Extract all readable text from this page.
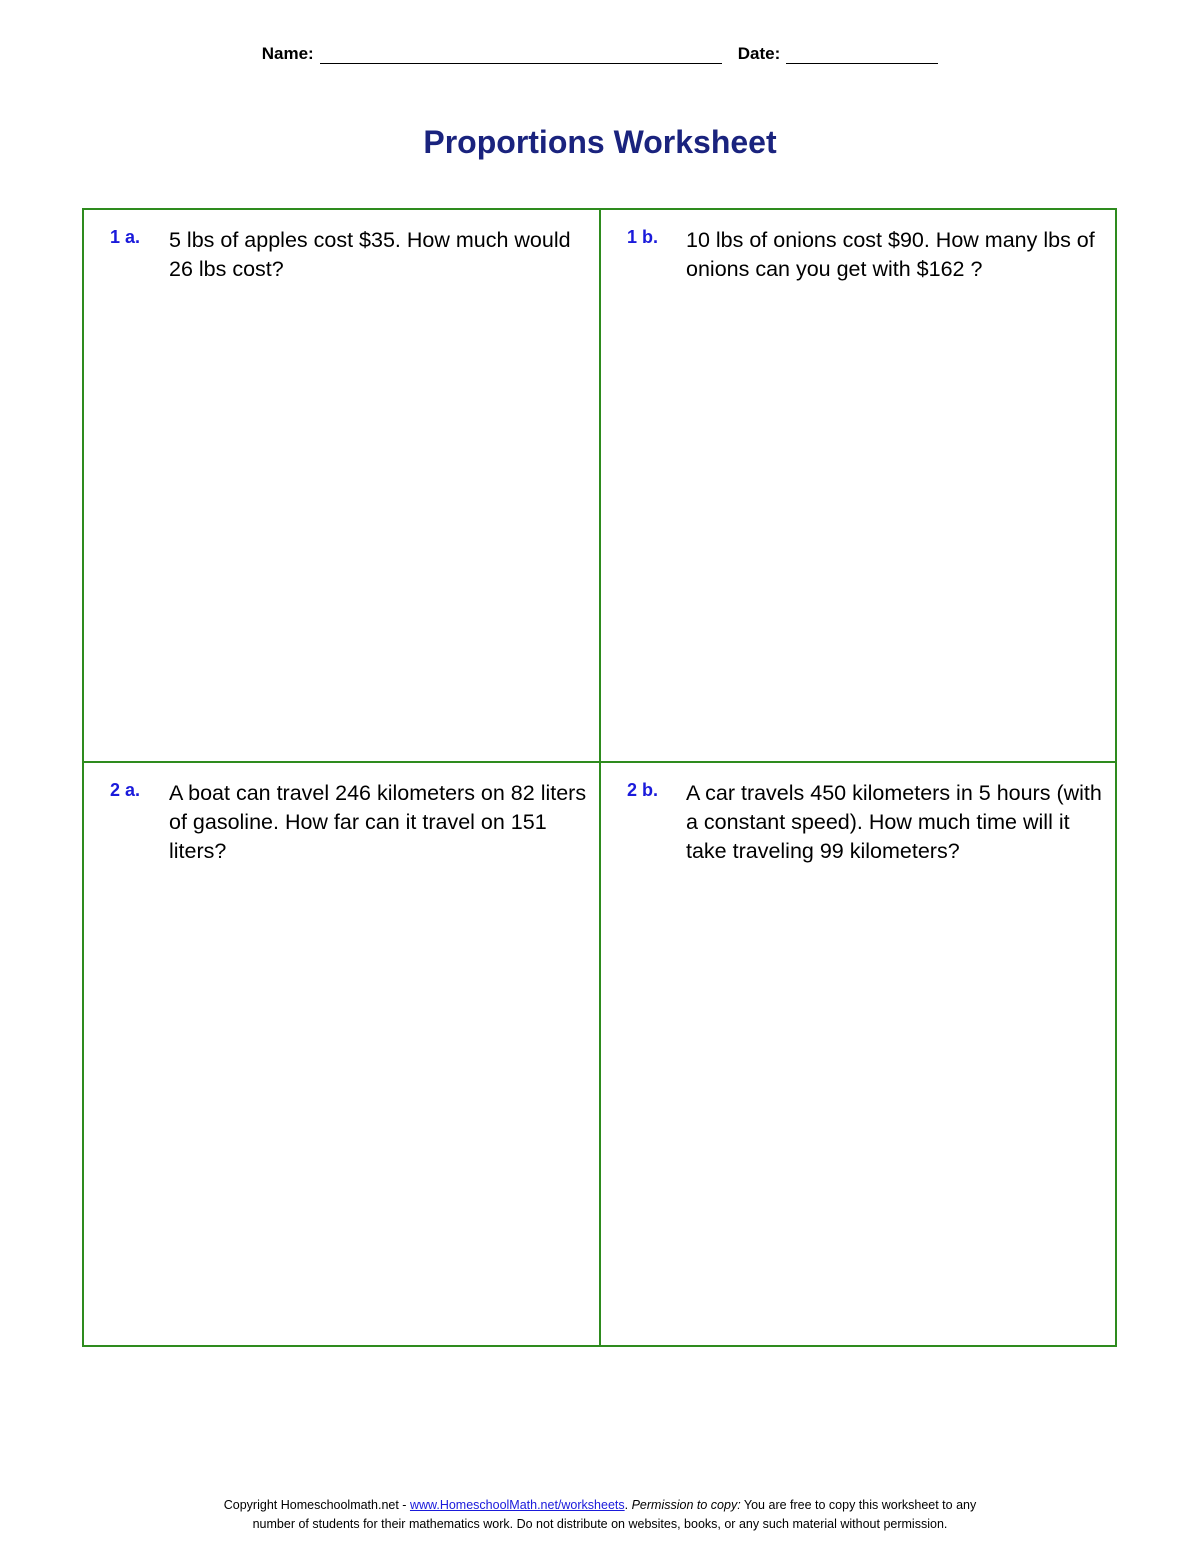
Name:	Date:
Proportions Worksheet
1 a. 5 lbs of apples cost $35. How much would 26 lbs cost?
1 b. 10 lbs of onions cost $90. How many lbs of onions can you get with $162 ?
2 a. A boat can travel 246 kilometers on 82 liters of gasoline. How far can it travel on 151 liters?
2 b. A car travels 450 kilometers in 5 hours (with a constant speed). How much time will it take traveling 99 kilometers?
Copyright Homeschoolmath.net - www.HomeschoolMath.net/worksheets. Permission to copy: You are free to copy this worksheet to any
number of students for their mathematics work. Do not distribute on websites, books, or any such material without permission.
